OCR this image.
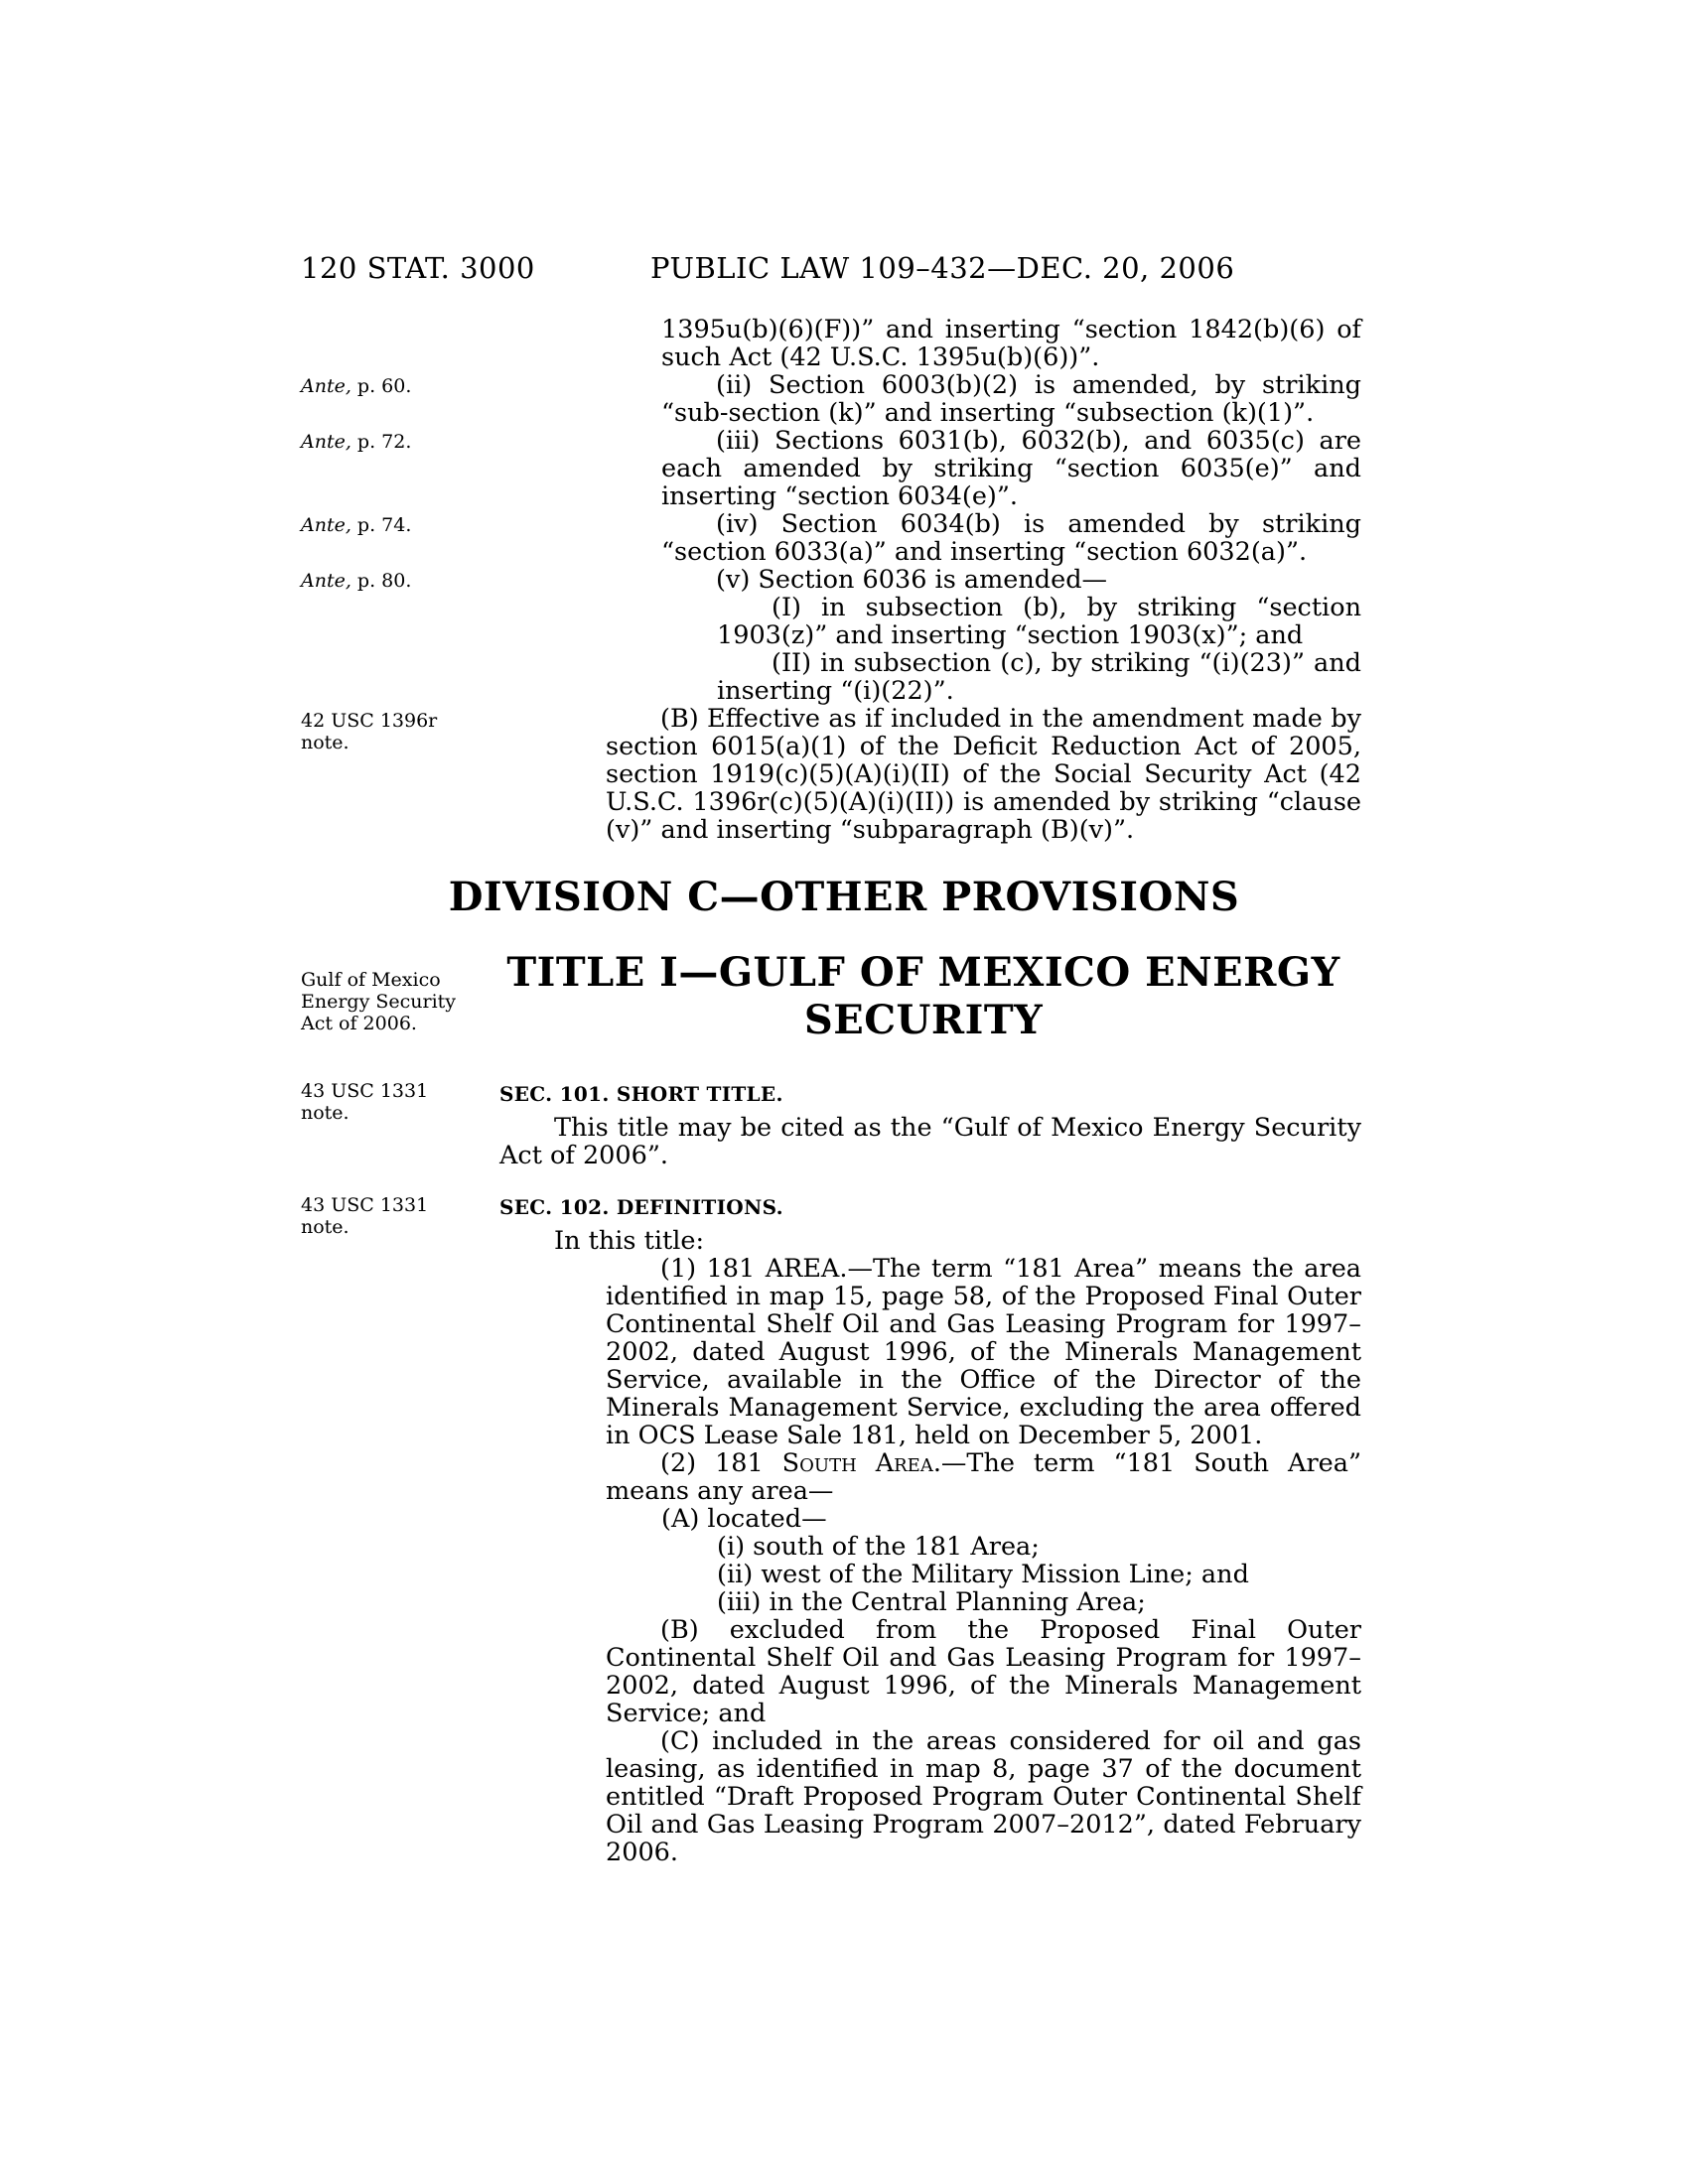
120 STAT. 3000	PUBLIC LAW 109–432—DEC. 20, 2006
Ante, p. 60.
Ante, p. 72.
Ante, p. 74.
Ante, p. 80.
42 USC 1396r
note.
Gulf of Mexico
Energy Security
Act of 2006.
43 USC 1331
note.
43 USC 1331
note.

1395u(b)(6)(F))” and inserting “section 1842(b)(6) of such Act (42 U.S.C. 1395u(b)(6))”.

(ii) Section 6003(b)(2) is amended, by striking “sub-section (k)” and inserting “subsection (k)(1)”.

(iii) Sections 6031(b), 6032(b), and 6035(c) are each amended by striking “section 6035(e)” and inserting “section 6034(e)”.

(iv) Section 6034(b) is amended by striking “section 6033(a)” and inserting “section 6032(a)”.

(v) Section 6036 is amended—

(I) in subsection (b), by striking “section 1903(z)” and inserting “section 1903(x)”; and

(II) in subsection (c), by striking “(i)(23)” and inserting “(i)(22)”.

(B) Effective as if included in the amendment made by section 6015(a)(1) of the Deficit Reduction Act of 2005, section 1919(c)(5)(A)(i)(II) of the Social Security Act (42 U.S.C. 1396r(c)(5)(A)(i)(II)) is amended by striking “clause (v)” and inserting “subparagraph (B)(v)”.

DIVISION C—OTHER PROVISIONS
TITLE I—GULF OF MEXICO ENERGY
SECURITY
SEC. 101. SHORT TITLE.

This title may be cited as the “Gulf of Mexico Energy Security Act of 2006”.

SEC. 102. DEFINITIONS.

In this title:

(1) 181 AREA.—The term “181 Area” means the area identified in map 15, page 58, of the Proposed Final Outer Continental Shelf Oil and Gas Leasing Program for 1997–2002, dated August 1996, of the Minerals Management Service, available in the Office of the Director of the Minerals Management Service, excluding the area offered in OCS Lease Sale 181, held on December 5, 2001.

(2) 181 South Area.—The term “181 South Area” means any area—

(A) located—

(i) south of the 181 Area;

(ii) west of the Military Mission Line; and

(iii) in the Central Planning Area;

(B) excluded from the Proposed Final Outer Continental Shelf Oil and Gas Leasing Program for 1997–2002, dated August 1996, of the Minerals Management Service; and

(C) included in the areas considered for oil and gas leasing, as identified in map 8, page 37 of the document entitled “Draft Proposed Program Outer Continental Shelf Oil and Gas Leasing Program 2007–2012”, dated February 2006.
